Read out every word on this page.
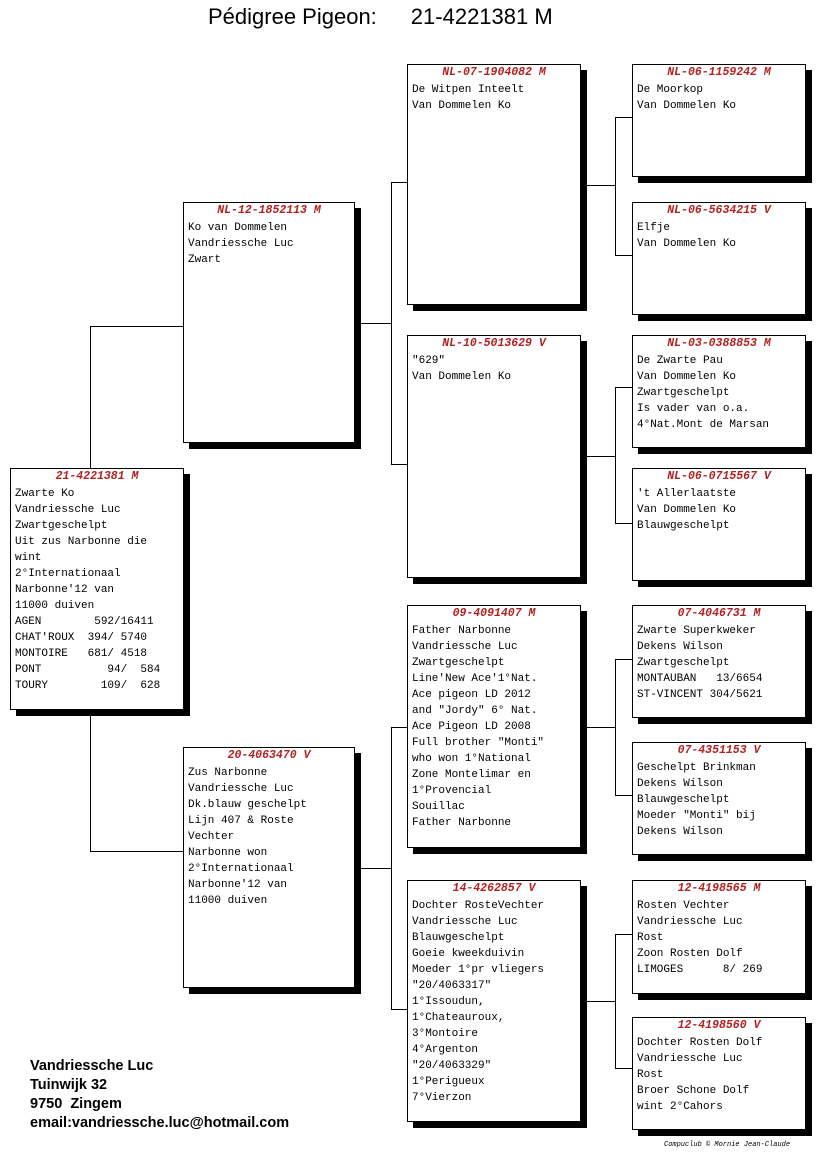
Pédigree Pigeon: 21-4221381 M
21-4221381 M
Zwarte Ko
Vandriessche Luc
Zwartgeschelpt
Uit zus Narbonne die
wint
2°Internationaal
Narbonne'12 van
11000 duiven
AGEN        592/16411
CHAT'ROUX  394/ 5740
MONTOIRE   681/ 4518
PONT          94/  584
TOURY        109/  628
NL-12-1852113 M
Ko van Dommelen
Vandriessche Luc
Zwart
20-4063470 V
Zus Narbonne
Vandriessche Luc
Dk.blauw geschelpt
Lijn 407 & Roste
Vechter
Narbonne won
2°Internationaal
Narbonne'12 van
11000 duiven
NL-07-1904082 M
De Witpen Inteelt
Van Dommelen Ko
NL-10-5013629 V
"629"
Van Dommelen Ko
09-4091407 M
Father Narbonne
Vandriessche Luc
Zwartgeschelpt
Line'New Ace'1°Nat.
Ace pigeon LD 2012
and "Jordy" 6° Nat.
Ace Pigeon LD 2008
Full brother "Monti"
who won 1°National
Zone Montelimar en
1°Provencial
Souillac
Father Narbonne
14-4262857 V
Dochter RosteVechter
Vandriessche Luc
Blauwgeschelpt
Goeie kweekduivin
Moeder 1°pr vliegers
"20/4063317"
1°Issoudun,
1°Chateauroux,
3°Montoire
4°Argenton
"20/4063329"
1°Perigueux
7°Vierzon
NL-06-1159242 M
De Moorkop
Van Dommelen Ko
NL-06-5634215 V
Elfje
Van Dommelen Ko
NL-03-0388853 M
De Zwarte Pau
Van Dommelen Ko
Zwartgeschelpt
Is vader van o.a.
4°Nat.Mont de Marsan
NL-06-0715567 V
't Allerlaatste
Van Dommelen Ko
Blauwgeschelpt
07-4046731 M
Zwarte Superkweker
Dekens Wilson
Zwartgeschelpt
MONTAUBAN   13/6654
ST-VINCENT 304/5621
07-4351153 V
Geschelpt Brinkman
Dekens Wilson
Blauwgeschelpt
Moeder "Monti" bij
Dekens Wilson
12-4198565 M
Rosten Vechter
Vandriessche Luc
Rost
Zoon Rosten Dolf
LIMOGES      8/ 269
12-4198560 V
Dochter Rosten Dolf
Vandriessche Luc
Rost
Broer Schone Dolf
wint 2°Cahors
Vandriessche Luc
Tuinwijk 32
9750  Zingem
email:vandriessche.luc@hotmail.com
Compuclub © Mornie Jean-Claude
